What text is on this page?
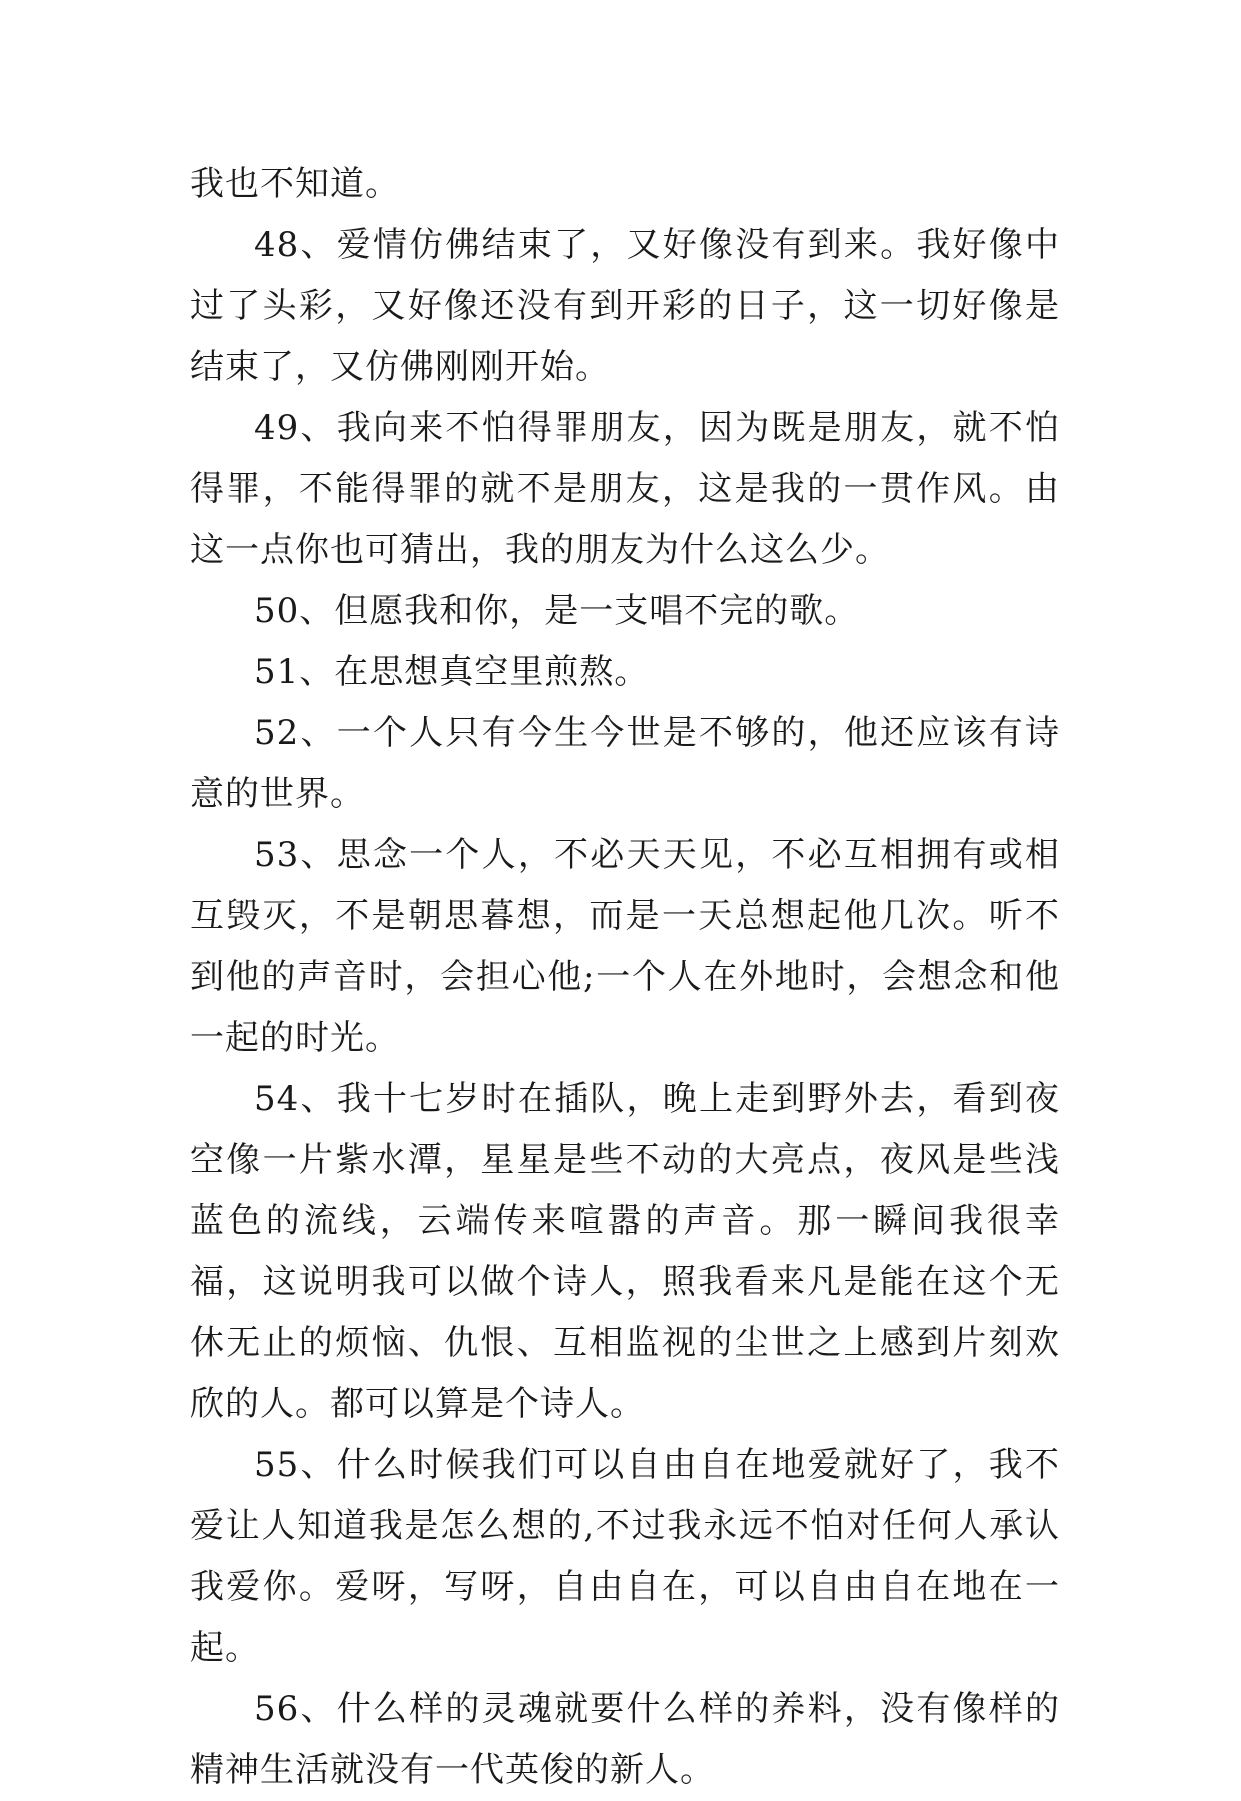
我也不知道。

48、爱情仿佛结束了，又好像没有到来。我好像中过了头彩，又好像还没有到开彩的日子，这一切好像是结束了，又仿佛刚刚开始。

49、我向来不怕得罪朋友，因为既是朋友，就不怕得罪，不能得罪的就不是朋友，这是我的一贯作风。由这一点你也可猜出，我的朋友为什么这么少。

50、但愿我和你，是一支唱不完的歌。

51、在思想真空里煎熬。

52、一个人只有今生今世是不够的，他还应该有诗意的世界。

53、思念一个人，不必天天见，不必互相拥有或相互毁灭，不是朝思暮想，而是一天总想起他几次。听不到他的声音时，会担心他;一个人在外地时，会想念和他一起的时光。

54、我十七岁时在插队，晚上走到野外去，看到夜空像一片紫水潭，星星是些不动的大亮点，夜风是些浅蓝色的流线，云端传来喧嚣的声音。那一瞬间我很幸福，这说明我可以做个诗人，照我看来凡是能在这个无休无止的烦恼、仇恨、互相监视的尘世之上感到片刻欢欣的人。都可以算是个诗人。

55、什么时候我们可以自由自在地爱就好了，我不爱让人知道我是怎么想的,不过我永远不怕对任何人承认我爱你。爱呀，写呀，自由自在，可以自由自在地在一起。

56、什么样的灵魂就要什么样的养料，没有像样的精神生活就没有一代英俊的新人。
